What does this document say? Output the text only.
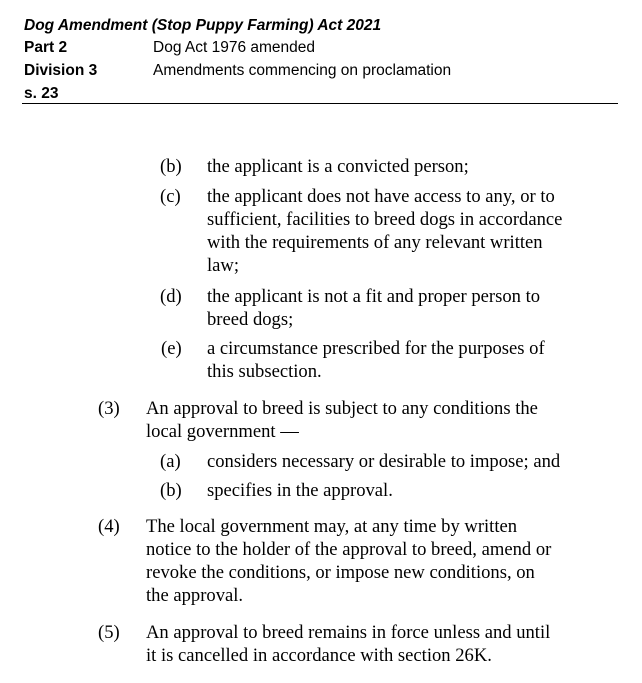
Dog Amendment (Stop Puppy Farming) Act 2021
Part 2	Dog Act 1976 amended
Division 3	Amendments commencing on proclamation
s. 23
(b) the applicant is a convicted person;
(c) the applicant does not have access to any, or to
sufficient, facilities to breed dogs in accordance
with the requirements of any relevant written
law;
(d) the applicant is not a fit and proper person to
breed dogs;
(e) a circumstance prescribed for the purposes of
this subsection.
(3) An approval to breed is subject to any conditions the
local government —
(a) considers necessary or desirable to impose; and
(b) specifies in the approval.
(4) The local government may, at any time by written
notice to the holder of the approval to breed, amend or
revoke the conditions, or impose new conditions, on
the approval.
(5) An approval to breed remains in force unless and until
it is cancelled in accordance with section 26K.
